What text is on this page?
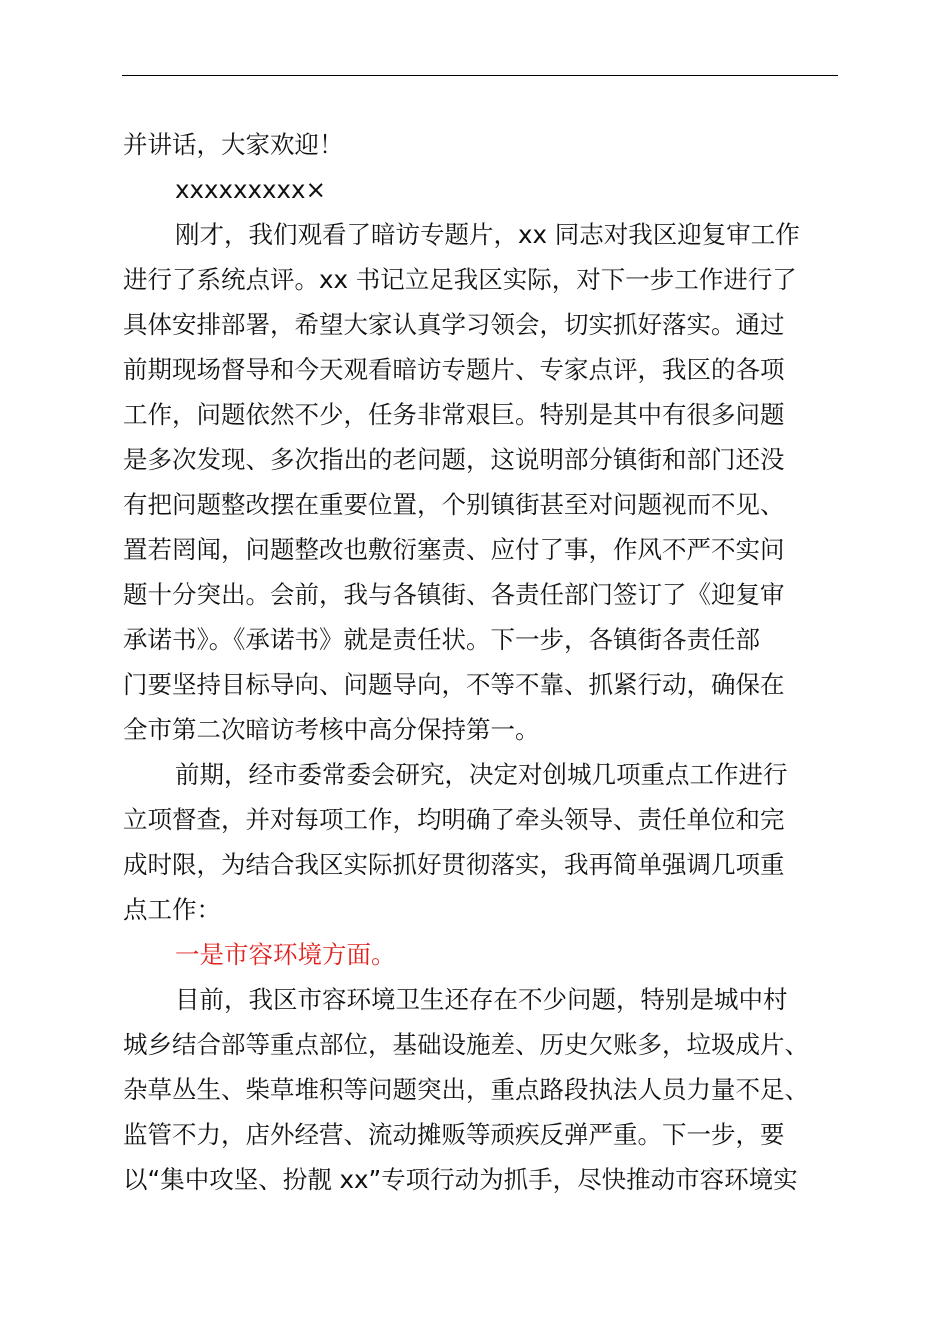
并讲话，大家欢迎！
xxxxxxxxx×
刚才，我们观看了暗访专题片，xx 同志对我区迎复审工作
进行了系统点评。xx 书记立足我区实际，对下一步工作进行了
具体安排部署，希望大家认真学习领会，切实抓好落实。通过
前期现场督导和今天观看暗访专题片、专家点评，我区的各项
工作，问题依然不少，任务非常艰巨。特别是其中有很多问题
是多次发现、多次指出的老问题，这说明部分镇街和部门还没
有把问题整改摆在重要位置，个别镇街甚至对问题视而不见、
置若罔闻，问题整改也敷衍塞责、应付了事，作风不严不实问
题十分突出。会前，我与各镇街、各责任部门签订了《迎复审
承诺书》。《承诺书》就是责任状。下一步，各镇街各责任部
门要坚持目标导向、问题导向，不等不靠、抓紧行动，确保在
全市第二次暗访考核中高分保持第一。
前期，经市委常委会研究，决定对创城几项重点工作进行
立项督查，并对每项工作，均明确了牵头领导、责任单位和完
成时限，为结合我区实际抓好贯彻落实，我再简单强调几项重
点工作：
一是市容环境方面。
目前，我区市容环境卫生还存在不少问题，特别是城中村
城乡结合部等重点部位，基础设施差、历史欠账多，垃圾成片、
杂草丛生、柴草堆积等问题突出，重点路段执法人员力量不足、
监管不力，店外经营、流动摊贩等顽疾反弹严重。下一步，要
以“集中攻坚、扮靓 xx”专项行动为抓手，尽快推动市容环境实
